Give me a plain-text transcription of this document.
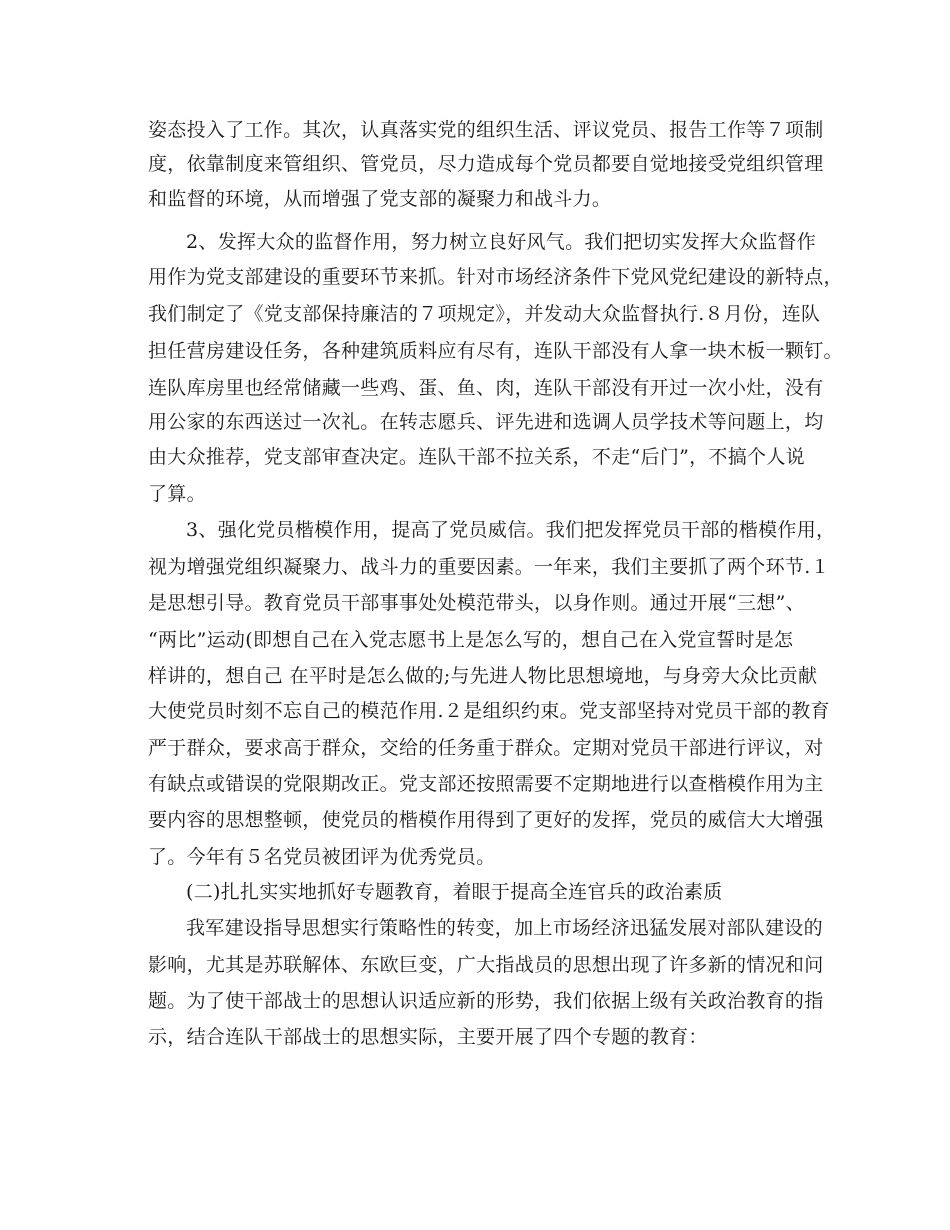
姿态投入了工作。其次，认真落实党的组织生活、评议党员、报告工作等７项制
度，依靠制度来管组织、管党员，尽力造成每个党员都要自觉地接受党组织管理
和监督的环境，从而增强了党支部的凝聚力和战斗力。
2、发挥大众的监督作用，努力树立良好风气。我们把切实发挥大众监督作
用作为党支部建设的重要环节来抓。针对市场经济条件下党风党纪建设的新特点，
我们制定了《党支部保持廉洁的７项规定》，并发动大众监督执行.８月份，连队
担任营房建设任务，各种建筑质料应有尽有，连队干部没有人拿一块木板一颗钉。
连队库房里也经常储藏一些鸡、蛋、鱼、肉，连队干部没有开过一次小灶，没有
用公家的东西送过一次礼。在转志愿兵、评先进和选调人员学技术等问题上，均
由大众推荐，党支部审查决定。连队干部不拉关系，不走“后门”，不搞个人说
了算。
3、强化党员楷模作用，提高了党员威信。我们把发挥党员干部的楷模作用，
视为增强党组织凝聚力、战斗力的重要因素。一年来，我们主要抓了两个环节.１
是思想引导。教育党员干部事事处处模范带头，以身作则。通过开展“三想”、
“两比”运动(即想自己在入党志愿书上是怎么写的，想自己在入党宣誓时是怎
样讲的，想自己 在平时是怎么做的;与先进人物比思想境地，与身旁大众比贡献
大使党员时刻不忘自己的模范作用.２是组织约束。党支部坚持对党员干部的教育
严于群众，要求高于群众，交给的任务重于群众。定期对党员干部进行评议，对
有缺点或错误的党限期改正。党支部还按照需要不定期地进行以查楷模作用为主
要内容的思想整顿，使党员的楷模作用得到了更好的发挥，党员的威信大大增强
了。今年有５名党员被团评为优秀党员。
(二)扎扎实实地抓好专题教育，着眼于提高全连官兵的政治素质
我军建设指导思想实行策略性的转变，加上市场经济迅猛发展对部队建设的
影响，尤其是苏联解体、东欧巨变，广大指战员的思想出现了许多新的情况和问
题。为了使干部战士的思想认识适应新的形势，我们依据上级有关政治教育的指
示，结合连队干部战士的思想实际，主要开展了四个专题的教育：
